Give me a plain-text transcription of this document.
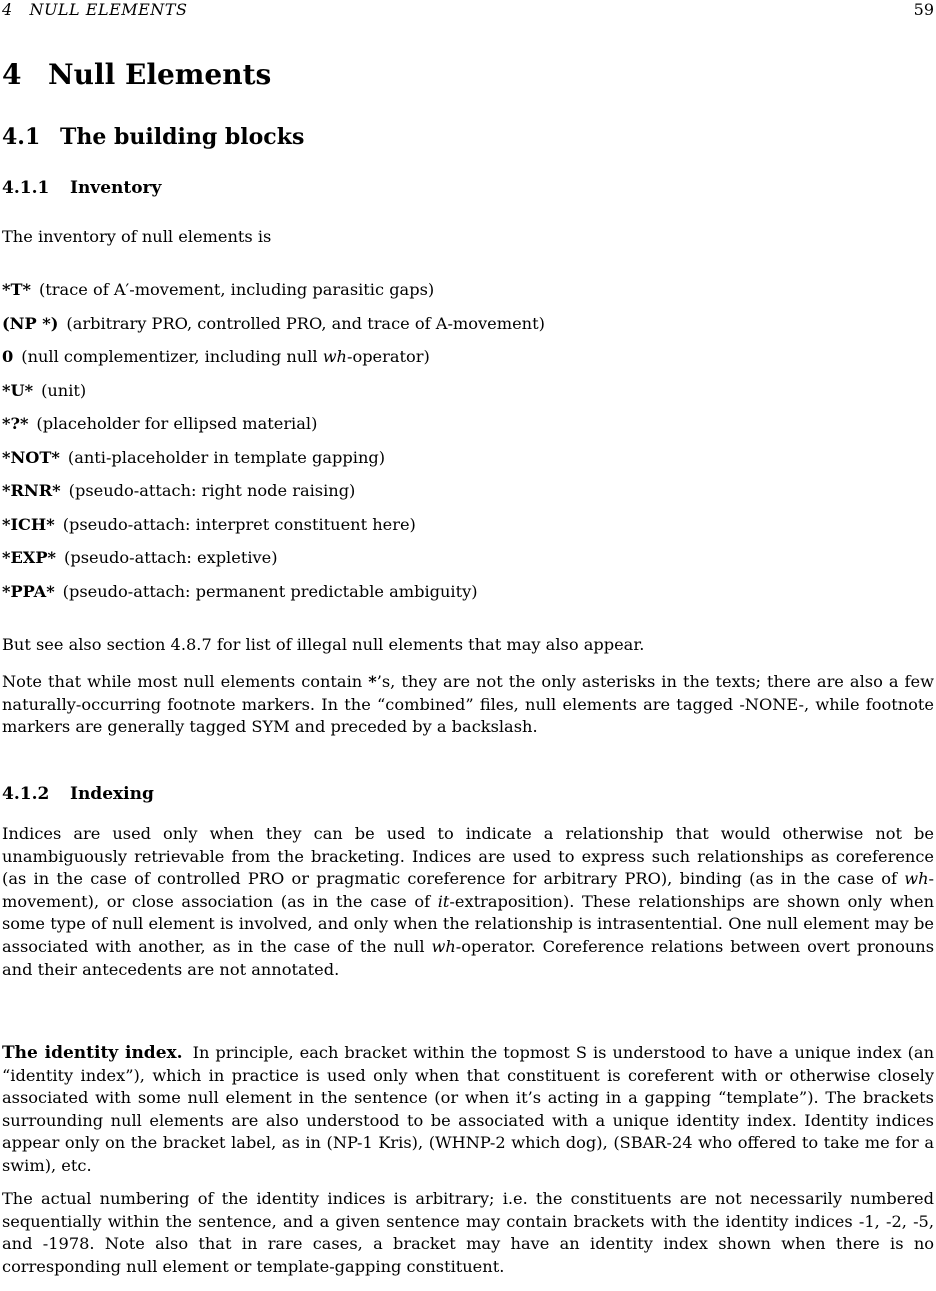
4   NULL ELEMENTS	59
4 Null Elements
4.1 The building blocks
4.1.1 Inventory
The inventory of null elements is
*T* (trace of A′-movement, including parasitic gaps)
(NP *) (arbitrary PRO, controlled PRO, and trace of A-movement)
0 (null complementizer, including null wh-operator)
*U* (unit)
*?* (placeholder for ellipsed material)
*NOT* (anti-placeholder in template gapping)
*RNR* (pseudo-attach: right node raising)
*ICH* (pseudo-attach: interpret constituent here)
*EXP* (pseudo-attach: expletive)
*PPA* (pseudo-attach: permanent predictable ambiguity)
But see also section 4.8.7 for list of illegal null elements that may also appear.
Note that while most null elements contain *’s, they are not the only asterisks in the texts; there are also a few naturally-occurring footnote markers. In the “combined” files, null elements are tagged -NONE-, while footnote markers are generally tagged SYM and preceded by a backslash.
4.1.2 Indexing
Indices are used only when they can be used to indicate a relationship that would otherwise not be unambiguously retrievable from the bracketing. Indices are used to express such relationships as coreference (as in the case of controlled PRO or pragmatic coreference for arbitrary PRO), binding (as in the case of wh-movement), or close association (as in the case of it-extraposition). These relationships are shown only when some type of null element is involved, and only when the relationship is intrasentential. One null element may be associated with another, as in the case of the null wh-operator. Coreference relations between overt pronouns and their antecedents are not annotated.
The identity index. In principle, each bracket within the topmost S is understood to have a unique index (an “identity index”), which in practice is used only when that constituent is coreferent with or otherwise closely associated with some null element in the sentence (or when it’s acting in a gapping “template”). The brackets surrounding null elements are also understood to be associated with a unique identity index. Identity indices appear only on the bracket label, as in (NP-1 Kris), (WHNP-2 which dog), (SBAR-24 who offered to take me for a swim), etc.
The actual numbering of the identity indices is arbitrary; i.e. the constituents are not necessarily numbered sequentially within the sentence, and a given sentence may contain brackets with the identity indices -1, -2, -5, and -1978. Note also that in rare cases, a bracket may have an identity index shown when there is no corresponding null element or template-gapping constituent.
